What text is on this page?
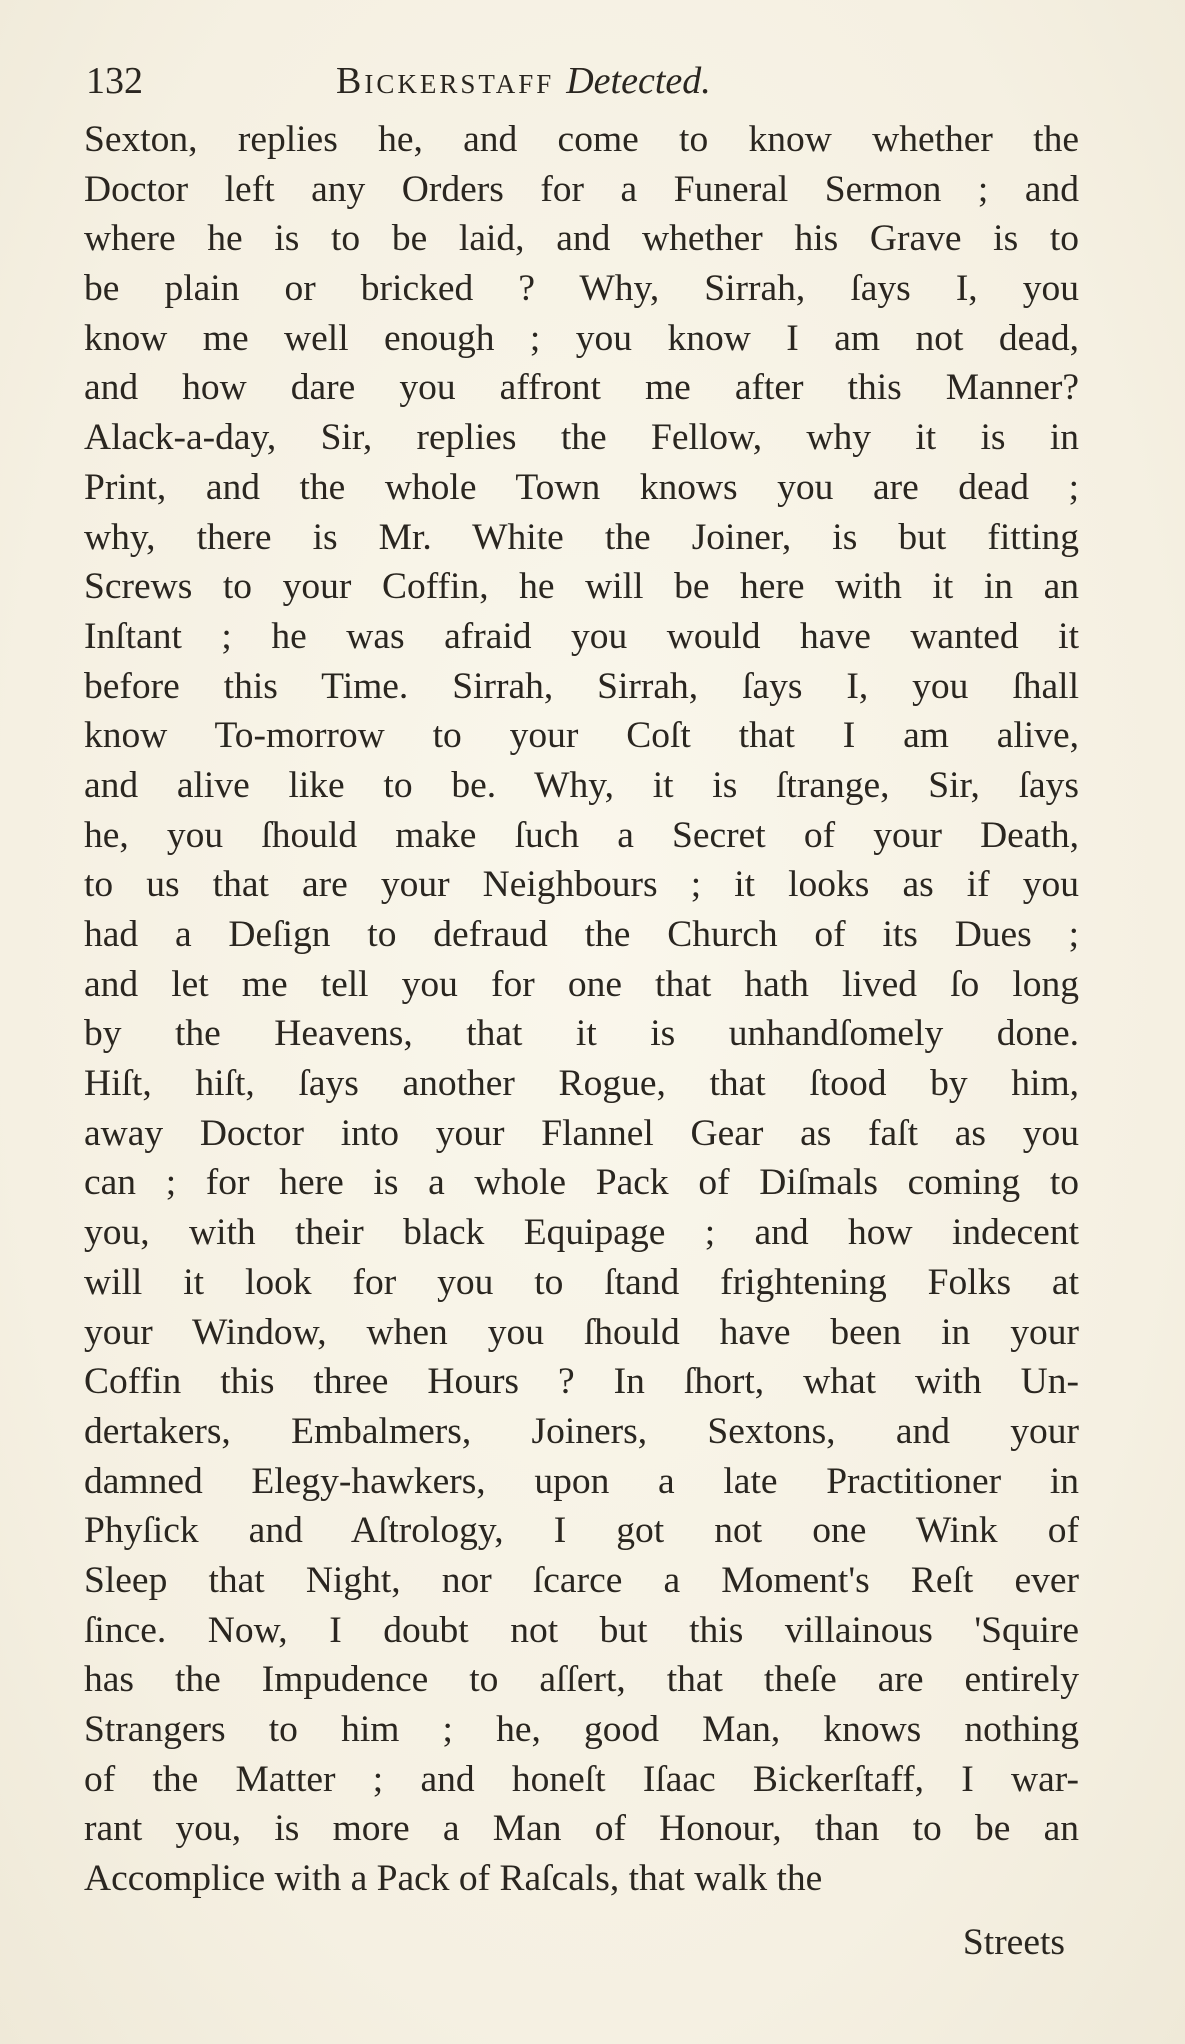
132	Bickerstaff Detected.
Sexton, replies he, and come to know whether the
Doctor left any Orders for a Funeral Sermon ; and
where he is to be laid, and whether his Grave is to
be plain or bricked ? Why, Sirrah, ſays I, you
know me well enough ; you know I am not dead,
and how dare you affront me after this Manner?
Alack-a-day, Sir, replies the Fellow, why it is in
Print, and the whole Town knows you are dead ;
why, there is Mr. White the Joiner, is but fitting
Screws to your Coffin, he will be here with it in an
Inſtant ; he was afraid you would have wanted it
before this Time. Sirrah, Sirrah, ſays I, you ſhall
know To-morrow to your Coſt that I am alive,
and alive like to be. Why, it is ſtrange, Sir, ſays
he, you ſhould make ſuch a Secret of your Death,
to us that are your Neighbours ; it looks as if you
had a Deſign to defraud the Church of its Dues ;
and let me tell you for one that hath lived ſo long
by the Heavens, that it is unhandſomely done.
Hiſt, hiſt, ſays another Rogue, that ſtood by him,
away Doctor into your Flannel Gear as faſt as you
can ; for here is a whole Pack of Diſmals coming to
you, with their black Equipage ; and how indecent
will it look for you to ſtand frightening Folks at
your Window, when you ſhould have been in your
Coffin this three Hours ? In ſhort, what with Un-
dertakers, Embalmers, Joiners, Sextons, and your
damned Elegy-hawkers, upon a late Practitioner in
Phyſick and Aſtrology, I got not one Wink of
Sleep that Night, nor ſcarce a Moment's Reſt ever
ſince. Now, I doubt not but this villainous 'Squire
has the Impudence to aſſert, that theſe are entirely
Strangers to him ; he, good Man, knows nothing
of the Matter ; and honeſt Iſaac Bickerſtaff, I war-
rant you, is more a Man of Honour, than to be an
Accomplice with a Pack of Raſcals, that walk the
Streets
